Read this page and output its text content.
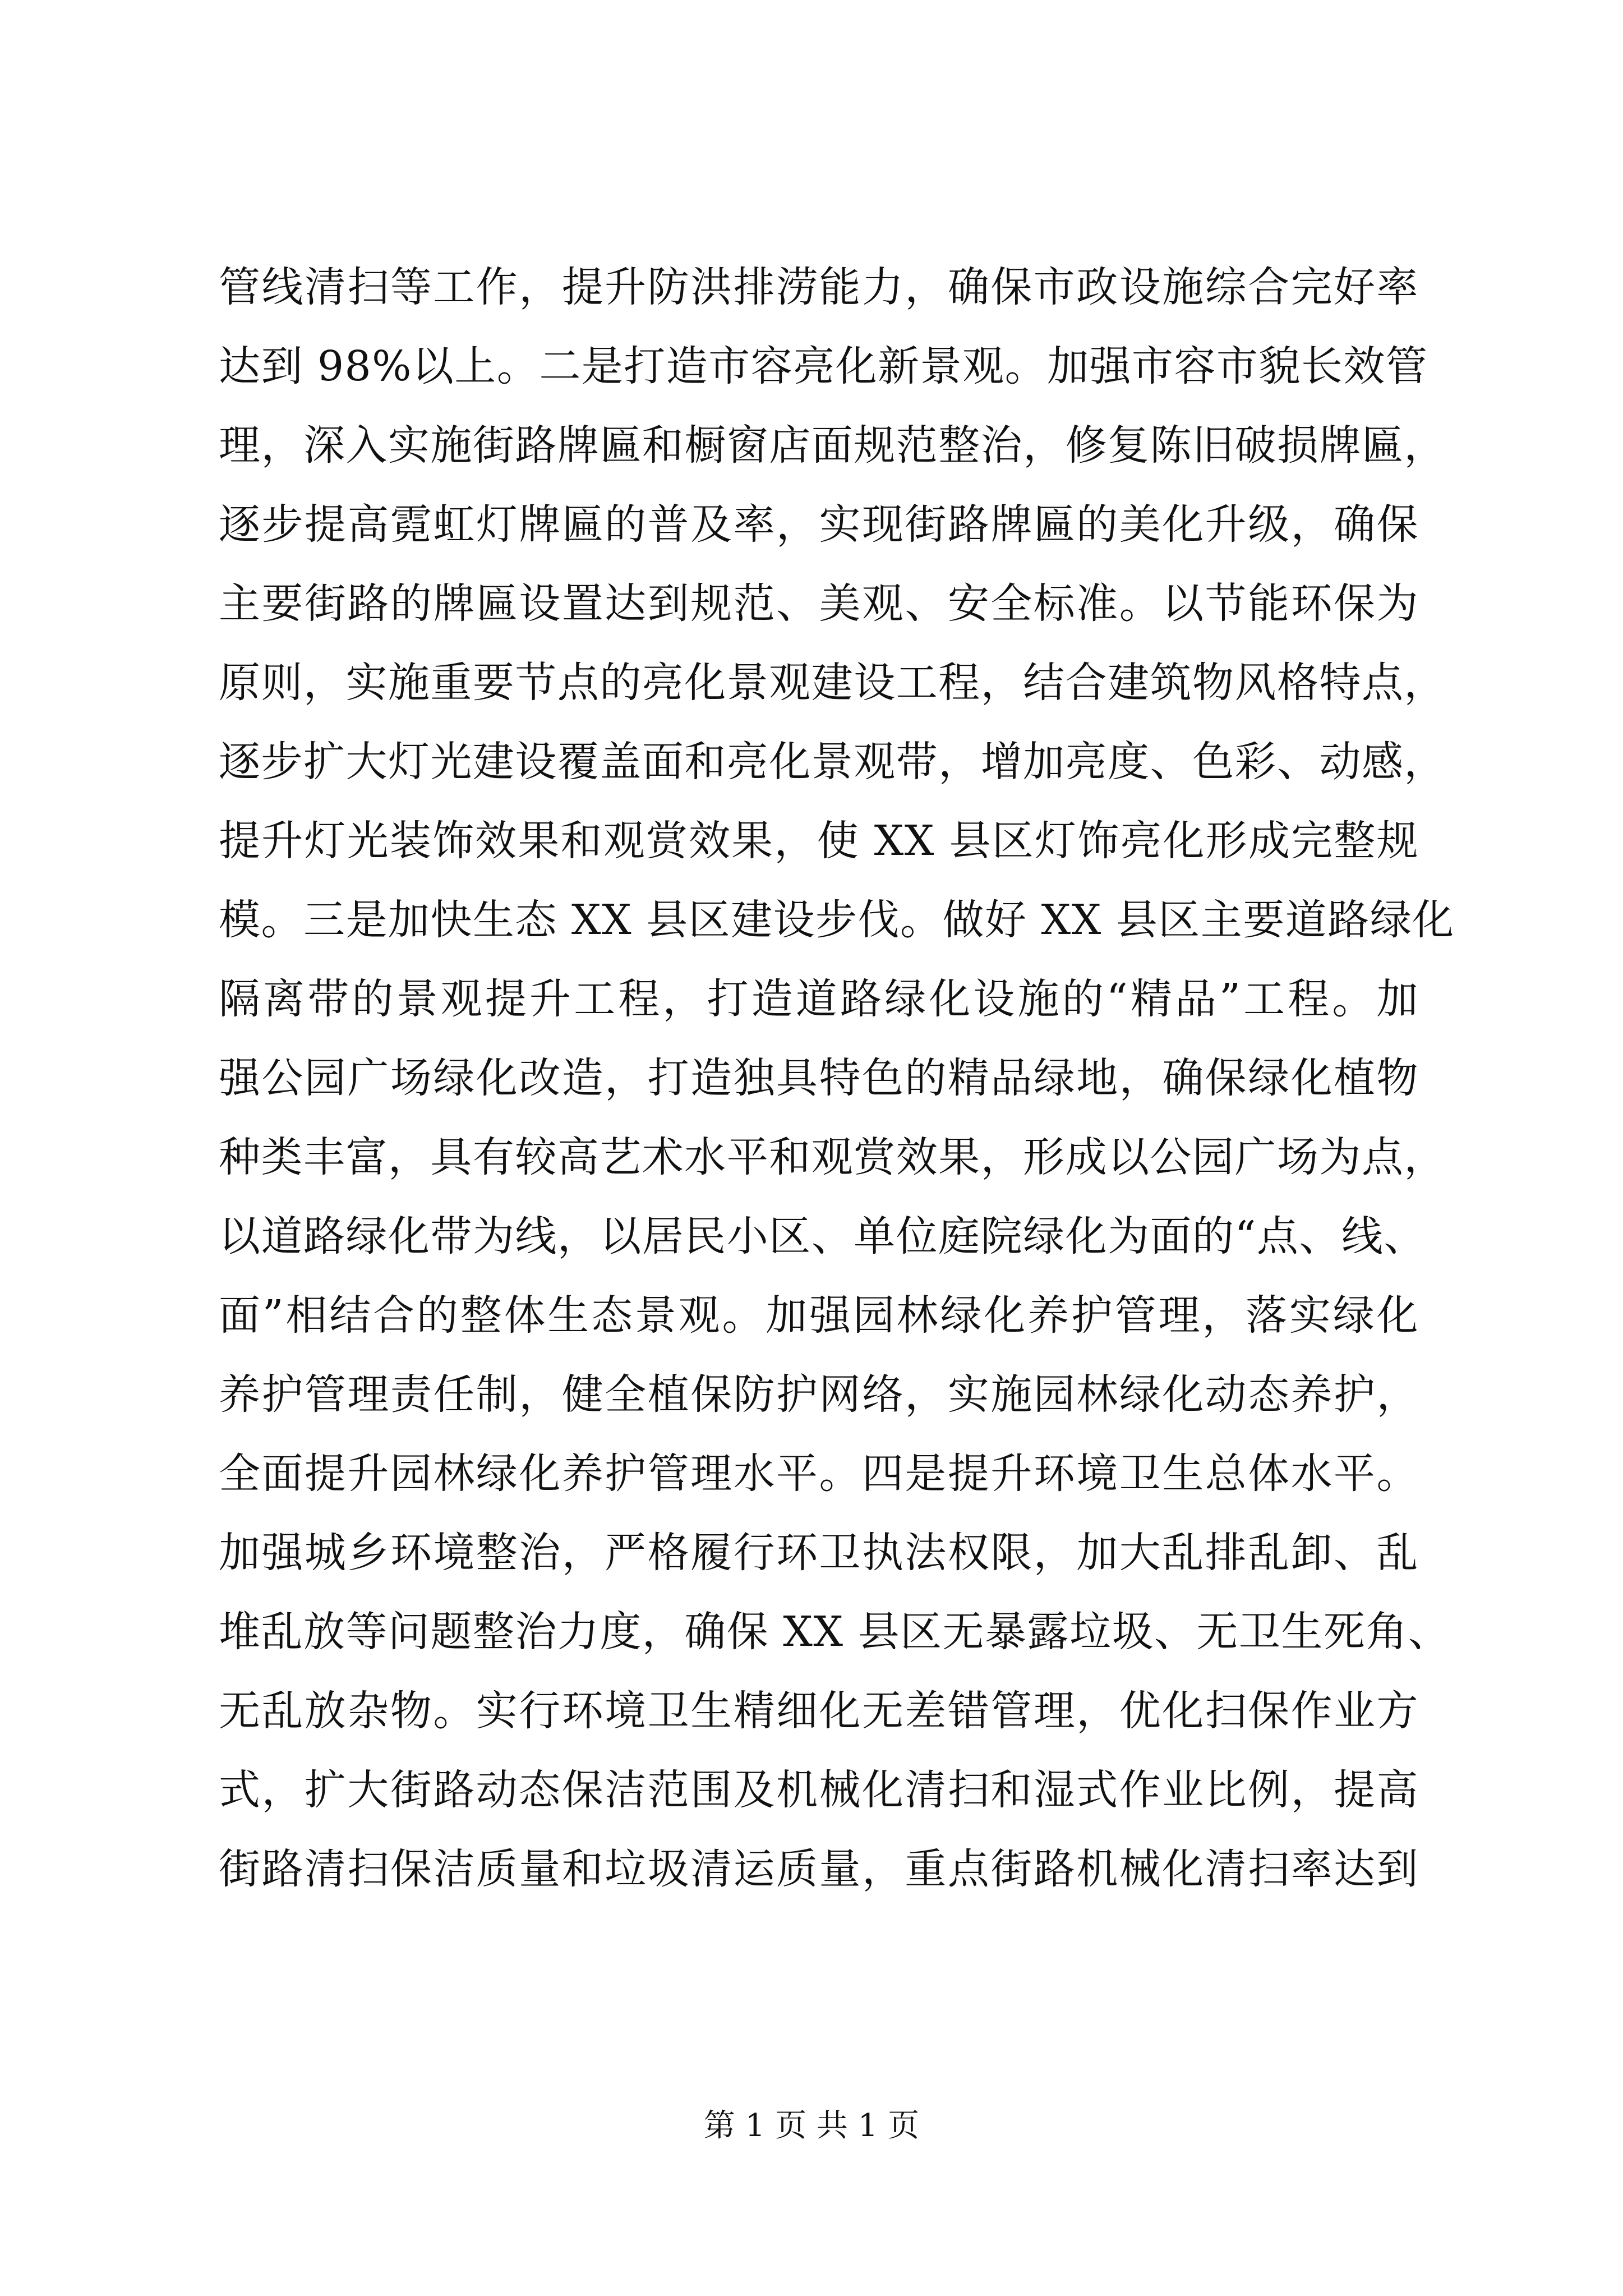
管线清扫等工作，提升防洪排涝能力，确保市政设施综合完好率
达到 98%以上。二是打造市容亮化新景观。加强市容市貌长效管
理，深入实施街路牌匾和橱窗店面规范整治，修复陈旧破损牌匾，
逐步提高霓虹灯牌匾的普及率，实现街路牌匾的美化升级，确保
主要街路的牌匾设置达到规范、美观、安全标准。以节能环保为
原则，实施重要节点的亮化景观建设工程，结合建筑物风格特点，
逐步扩大灯光建设覆盖面和亮化景观带，增加亮度、色彩、动感，
提升灯光装饰效果和观赏效果，使 XX 县区灯饰亮化形成完整规
模。三是加快生态 XX 县区建设步伐。做好 XX 县区主要道路绿化
隔离带的景观提升工程，打造道路绿化设施的“精品”工程。加
强公园广场绿化改造，打造独具特色的精品绿地，确保绿化植物
种类丰富，具有较高艺术水平和观赏效果，形成以公园广场为点，
以道路绿化带为线，以居民小区、单位庭院绿化为面的“点、线、
面”相结合的整体生态景观。加强园林绿化养护管理，落实绿化
养护管理责任制，健全植保防护网络，实施园林绿化动态养护，
全面提升园林绿化养护管理水平。四是提升环境卫生总体水平。
加强城乡环境整治，严格履行环卫执法权限，加大乱排乱卸、乱
堆乱放等问题整治力度，确保 XX 县区无暴露垃圾、无卫生死角、
无乱放杂物。实行环境卫生精细化无差错管理，优化扫保作业方
式，扩大街路动态保洁范围及机械化清扫和湿式作业比例，提高
街路清扫保洁质量和垃圾清运质量，重点街路机械化清扫率达到
第 1 页 共 1 页
